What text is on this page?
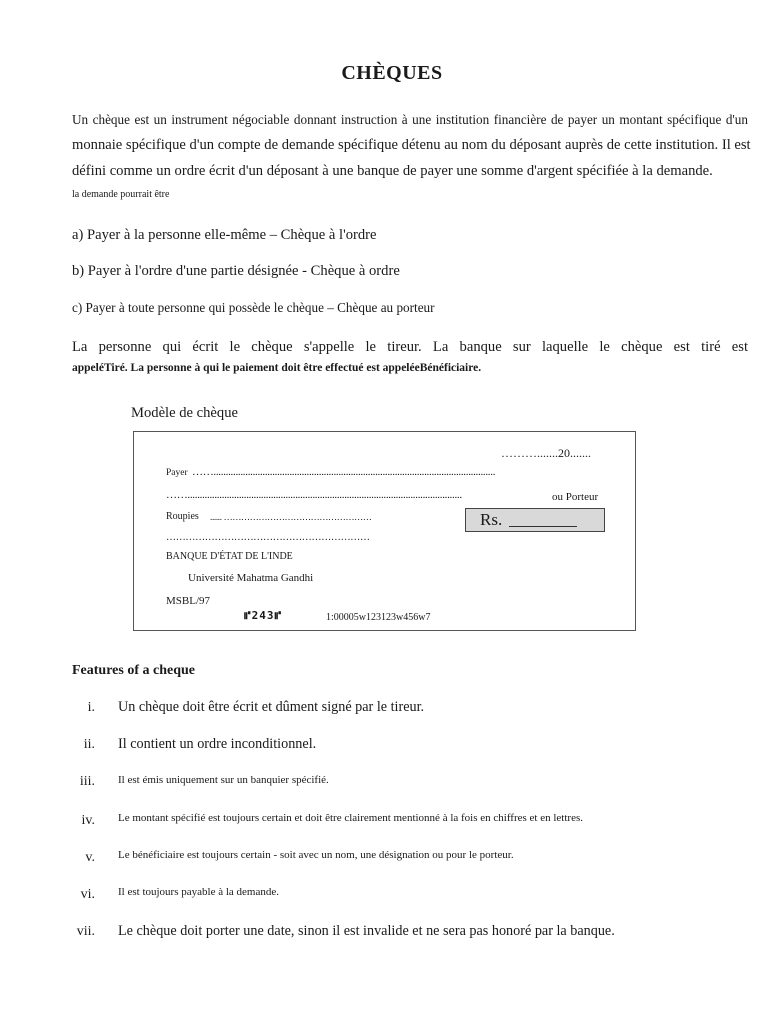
CHÈQUES

Un chèque est un instrument négociable donnant instruction à une institution financière de payer un montant spécifique d'un

monnaie spécifique d'un compte de demande spécifique détenu au nom du déposant auprès de cette institution. Il est

défini comme un ordre écrit d'un déposant à une banque de payer une somme d'argent spécifiée à la demande.

la demande pourrait être

a) Payer à la personne elle-même – Chèque à l'ordre

b) Payer à l'ordre d'une partie désignée - Chèque à ordre

c) Payer à toute personne qui possède le chèque – Chèque au porteur

La personne qui écrit le chèque s'appelle le tireur. La banque sur laquelle le chèque est tiré est

appeléTiré. La personne à qui le paiement doit être effectué est appeléeBénéficiaire.

Modèle de chèque

……….......20.......
Payer ……...................................................................................................................
……................................................................................................................	ou Porteur
Roupies ...... ……………………………………………	Rs.
………………………………………………………
BANQUE D'ÉTAT DE L'INDE
Université Mahatma Gandhi
MSBL/97
⑈243⑈	1:00005w123123w456w7
Features of a cheque
i. Un chèque doit être écrit et dûment signé par le tireur.
ii. Il contient un ordre inconditionnel.
iii. Il est émis uniquement sur un banquier spécifié.
iv. Le montant spécifié est toujours certain et doit être clairement mentionné à la fois en chiffres et en lettres.
v. Le bénéficiaire est toujours certain - soit avec un nom, une désignation ou pour le porteur.
vi. Il est toujours payable à la demande.
vii. Le chèque doit porter une date, sinon il est invalide et ne sera pas honoré par la banque.
